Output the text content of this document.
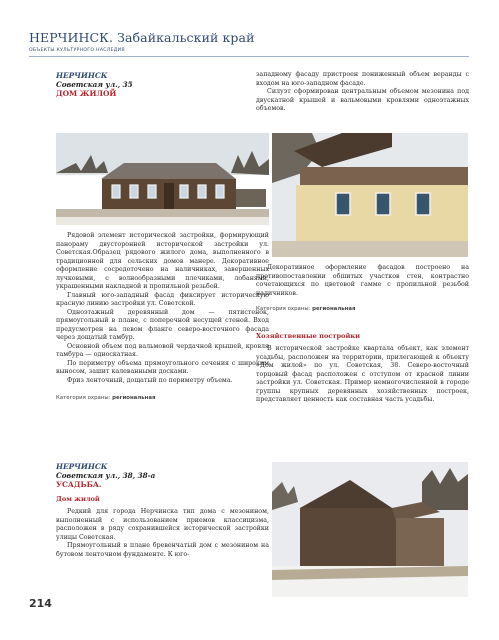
НЕРЧИНСК. Забайкальский край
ОБЪЕКТЫ КУЛЬТУРНОГО НАСЛЕДИЯ

НЕРЧИНСК

Советская ул., 35

ДОМ ЖИЛОЙ

Рядовой элемент исторической застройки, формирующий панораму двусторонней исторической застройки ул. Советская.Образец рядового жилого дома, выполненного в традиционной для сельских домов манере. Декоративное оформление сосредоточено на наличниках, завершенных лучковыми, с волнообразными плечиками, лобанями, украшенными накладной и пропильной резьбой.

Главный юго-западный фасад фиксирует историческую красную линию застройки ул. Советской.

Одноэтажный деревянный дом — пятистенок, прямоугольный в плане, с поперечной несущей стеной. Вход предусмотрен на левом фланге северо-восточного фасада через дощатый тамбур.

Основной объем под вальмовой чердачной крышей, кровля тамбура — односкатная.

По периметру объема прямоугольного сечения с широким выносом, зашит калеванными досками.

Фриз ленточный, дощатый по периметру объема.

Категория охраны: региональная

западному фасаду пристроен пониженный объем веранды с входом на юго-западном фасаде.

Силуэт сформирован центральным объемом мезонина под двускатной крышей и вальмовыми кровлями одноэтажных объемов.

Декоративное оформление фасадов построено на противопоставлении обшитых участков стен, контрастно сочетающихся по цветовой гамме с пропильной резьбой наличников.

Категория охраны: региональная

Хозяйственные постройки

В исторической застройке квартала объект, как элемент усадьбы, расположен на территории, прилегающей к объекту «Дом жилой» по ул. Советская, 38. Северо-восточный торцовый фасад расположен с отступом от красной линии застройки ул. Советская. Пример немногочисленной в городе группы крупных деревянных хозяйственных построек, представляет ценность как составная часть усадьбы.

НЕРЧИНСК

Советская ул., 38, 38-а

УСАДЬБА.

Дом жилой

Редкий для города Нерчинска тип дома с мезонином, выполненный с использованием приемов классицизма, расположен в ряду сохранившейся исторической застройки улицы Советская.

Прямоугольный в плане бревенчатый дом с мезонином на бутовом ленточном фундаменте. К юго-

214
